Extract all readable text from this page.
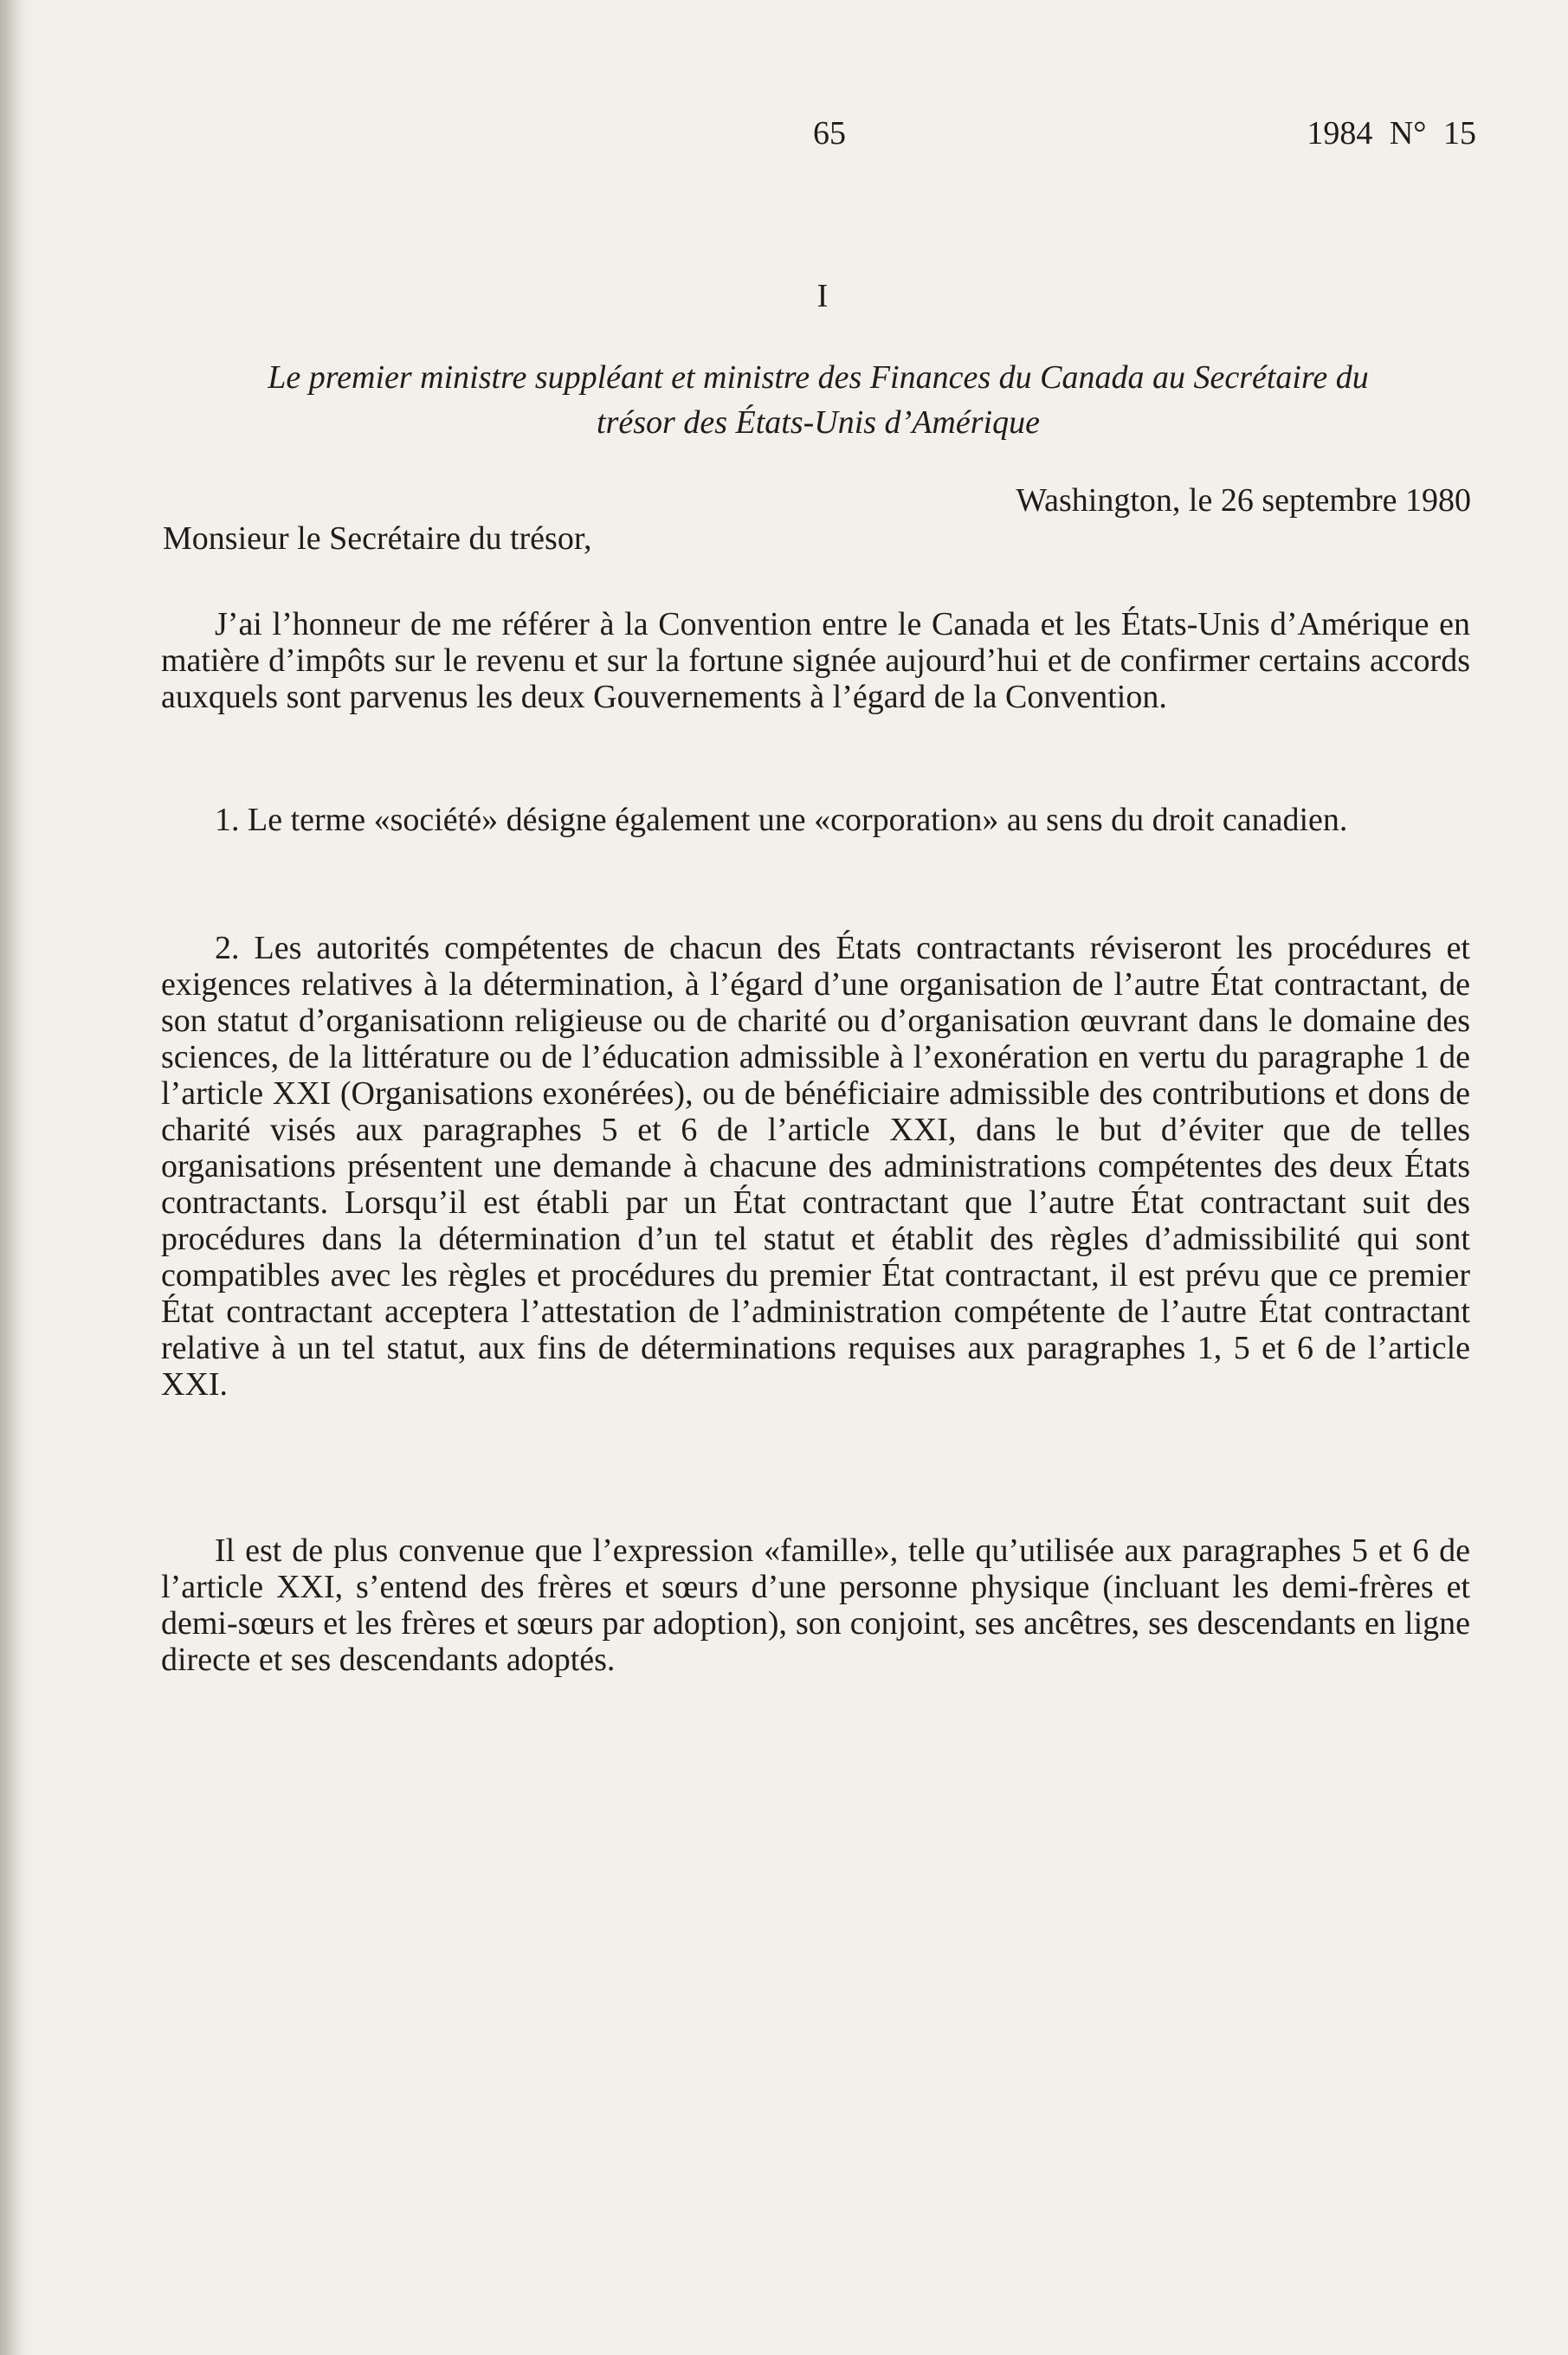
65	1984 N° 15
I
Le premier ministre suppléant et ministre des Finances du Canada au Secrétaire du
trésor des États-Unis d’Amérique
Washington, le 26 septembre 1980
Monsieur le Secrétaire du trésor,

J’ai l’honneur de me référer à la Convention entre le Canada et les États-Unis d’Amérique en matière d’impôts sur le revenu et sur la fortune signée aujourd’hui et de confirmer certains accords auxquels sont parvenus les deux Gouvernements à l’égard de la Convention.

1. Le terme «société» désigne également une «corporation» au sens du droit canadien.

2. Les autorités compétentes de chacun des États contractants réviseront les procédures et exigences relatives à la détermination, à l’égard d’une organisation de l’autre État contractant, de son statut d’organisationn religieuse ou de charité ou d’organisation œuvrant dans le domaine des sciences, de la littérature ou de l’éducation admissible à l’exonération en vertu du paragraphe 1 de l’article XXI (Organisations exonérées), ou de bénéficiaire admissible des contributions et dons de charité visés aux paragraphes 5 et 6 de l’article XXI, dans le but d’éviter que de telles organisations présentent une demande à chacune des administrations compétentes des deux États contractants. Lorsqu’il est établi par un État contractant que l’autre État contractant suit des procédures dans la détermination d’un tel statut et établit des règles d’admissibilité qui sont compatibles avec les règles et procédures du premier État contractant, il est prévu que ce premier État contractant acceptera l’attestation de l’administration compétente de l’autre État contractant relative à un tel statut, aux fins de déterminations requises aux paragraphes 1, 5 et 6 de l’article XXI.

Il est de plus convenue que l’expression «famille», telle qu’utilisée aux paragraphes 5 et 6 de l’article XXI, s’entend des frères et sœurs d’une personne physique (incluant les demi-frères et demi-sœurs et les frères et sœurs par adoption), son conjoint, ses ancêtres, ses descendants en ligne directe et ses descendants adoptés.
